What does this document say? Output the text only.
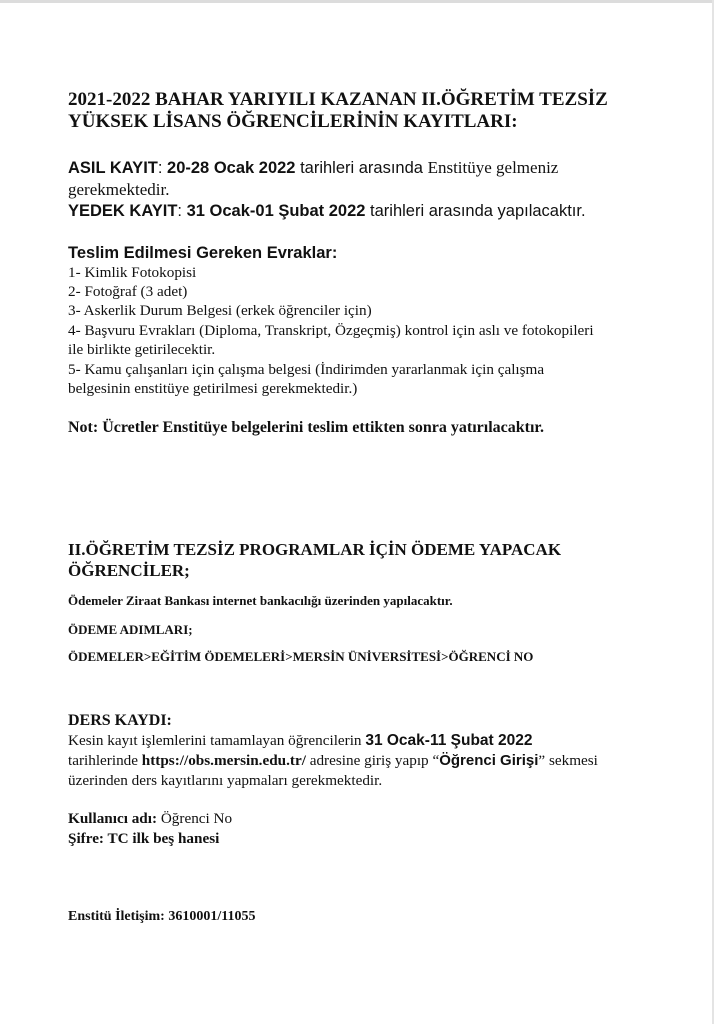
2021-2022 BAHAR YARIYILI KAZANAN II.ÖĞRETİM TEZSİZ
YÜKSEK LİSANS ÖĞRENCİLERİNİN KAYITLARI:
ASIL KAYIT: 20-28 Ocak 2022 tarihleri arasında Enstitüye gelmeniz
gerekmektedir.
YEDEK KAYIT: 31 Ocak-01 Şubat 2022 tarihleri arasında yapılacaktır.
Teslim Edilmesi Gereken Evraklar:
1- Kimlik Fotokopisi
2- Fotoğraf (3 adet)
3- Askerlik Durum Belgesi (erkek öğrenciler için)
4- Başvuru Evrakları (Diploma, Transkript, Özgeçmiş) kontrol için aslı ve fotokopileri
ile birlikte getirilecektir.
5- Kamu çalışanları için çalışma belgesi (İndirimden yararlanmak için çalışma
belgesinin enstitüye getirilmesi gerekmektedir.)
Not: Ücretler Enstitüye belgelerini teslim ettikten sonra yatırılacaktır.
II.ÖĞRETİM TEZSİZ PROGRAMLAR İÇİN ÖDEME YAPACAK
ÖĞRENCİLER;
Ödemeler Ziraat Bankası internet bankacılığı üzerinden yapılacaktır.
ÖDEME ADIMLARI;
ÖDEMELER>EĞİTİM ÖDEMELERİ>MERSİN ÜNİVERSİTESİ>ÖĞRENCİ NO
DERS KAYDI:
Kesin kayıt işlemlerini tamamlayan öğrencilerin 31 Ocak-11 Şubat 2022
tarihlerinde https://obs.mersin.edu.tr/ adresine giriş yapıp “Öğrenci Girişi” sekmesi
üzerinden ders kayıtlarını yapmaları gerekmektedir.
Kullanıcı adı: Öğrenci No
Şifre: TC ilk beş hanesi
Enstitü İletişim: 3610001/11055
